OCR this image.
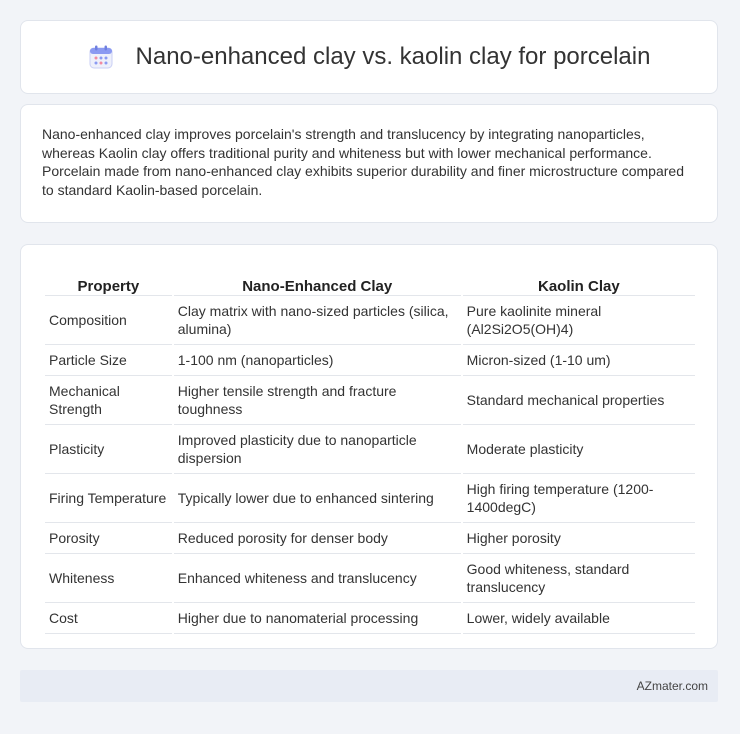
Nano-enhanced clay vs. kaolin clay for porcelain

Nano-enhanced clay improves porcelain's strength and translucency by integrating nanoparticles, whereas Kaolin clay offers traditional purity and whiteness but with lower mechanical performance. Porcelain made from nano-enhanced clay exhibits superior durability and finer microstructure compared to standard Kaolin-based porcelain.

Property	Nano-Enhanced Clay	Kaolin Clay
Composition	Clay matrix with nano-sized particles (silica, alumina)	Pure kaolinite mineral (Al2Si2O5(OH)4)
Particle Size	1-100 nm (nanoparticles)	Micron-sized (1-10 um)
Mechanical Strength	Higher tensile strength and fracture toughness	Standard mechanical properties
Plasticity	Improved plasticity due to nanoparticle dispersion	Moderate plasticity
Firing Temperature	Typically lower due to enhanced sintering	High firing temperature (1200-1400degC)
Porosity	Reduced porosity for denser body	Higher porosity
Whiteness	Enhanced whiteness and translucency	Good whiteness, standard translucency
Cost	Higher due to nanomaterial processing	Lower, widely available
AZmater.com
